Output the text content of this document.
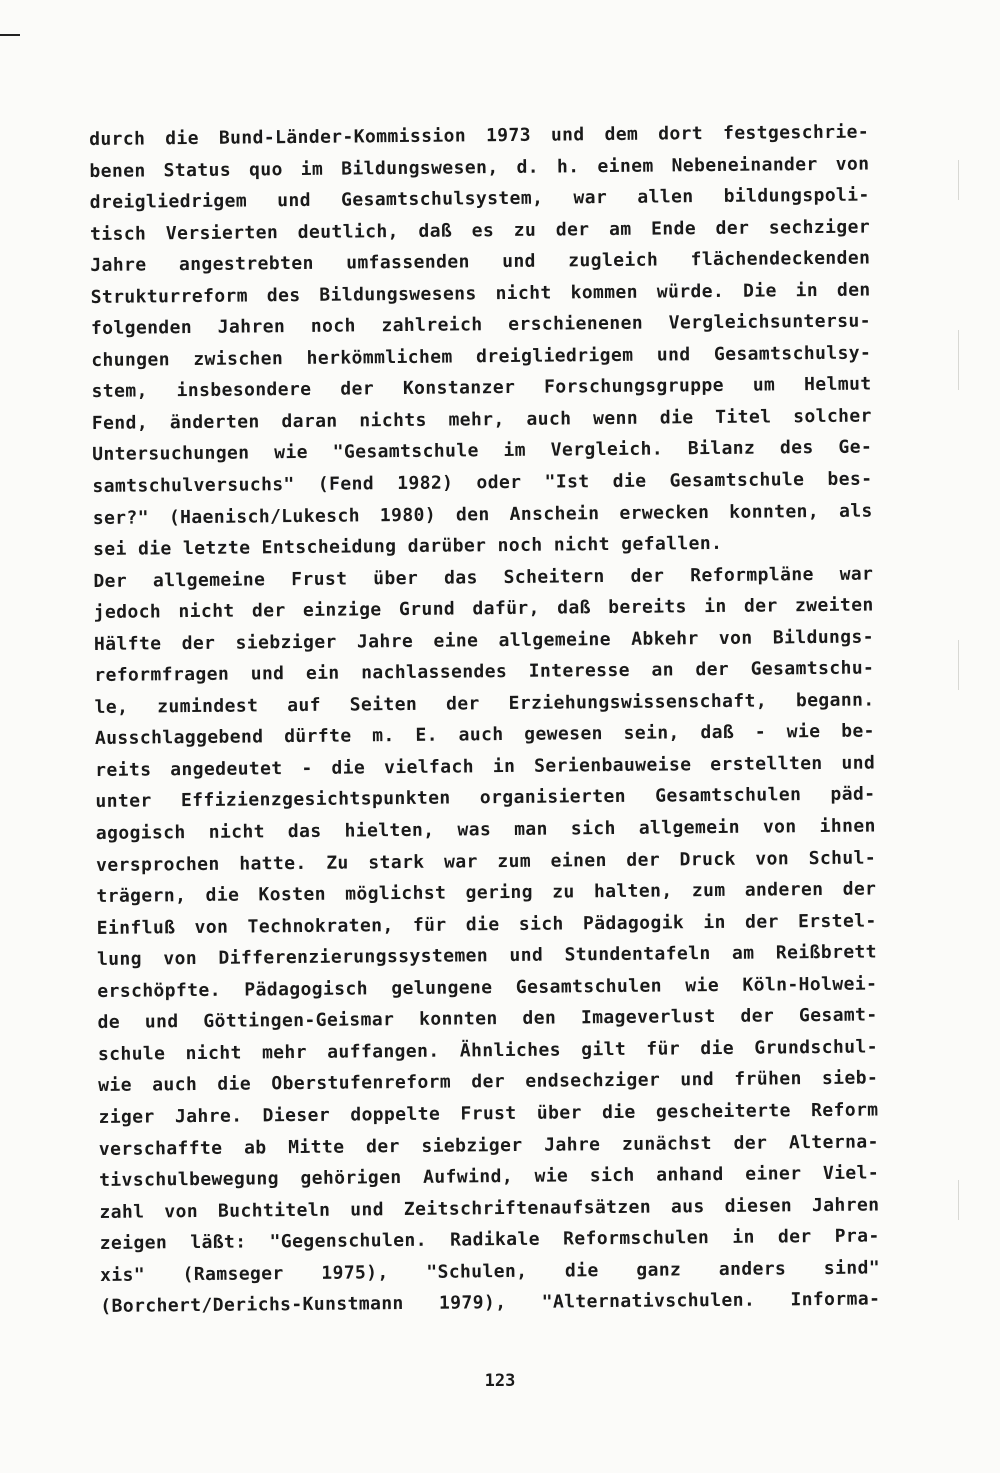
durch die Bund-Länder-Kommission 1973 und dem dort festgeschrie-
benen Status quo im Bildungswesen, d. h. einem Nebeneinander von
dreigliedrigem und Gesamtschulsystem, war allen bildungspoli-
tisch Versierten deutlich, daß es zu der am Ende der sechziger
Jahre angestrebten umfassenden und zugleich flächendeckenden
Strukturreform des Bildungswesens nicht kommen würde. Die in den
folgenden Jahren noch zahlreich erschienenen Vergleichsuntersu-
chungen zwischen herkömmlichem dreigliedrigem und Gesamtschulsy-
stem, insbesondere der Konstanzer Forschungsgruppe um Helmut
Fend, änderten daran nichts mehr, auch wenn die Titel solcher
Untersuchungen wie "Gesamtschule im Vergleich. Bilanz des Ge-
samtschulversuchs" (Fend 1982) oder "Ist die Gesamtschule bes-
ser?" (Haenisch/Lukesch 1980) den Anschein erwecken konnten, als
sei die letzte Entscheidung darüber noch nicht gefallen.
Der allgemeine Frust über das Scheitern der Reformpläne war
jedoch nicht der einzige Grund dafür, daß bereits in der zweiten
Hälfte der siebziger Jahre eine allgemeine Abkehr von Bildungs-
reformfragen und ein nachlassendes Interesse an der Gesamtschu-
le, zumindest auf Seiten der Erziehungswissenschaft, begann.
Ausschlaggebend dürfte m. E. auch gewesen sein, daß - wie be-
reits angedeutet - die vielfach in Serienbauweise erstellten und
unter Effizienzgesichtspunkten organisierten Gesamtschulen päd-
agogisch nicht das hielten, was man sich allgemein von ihnen
versprochen hatte. Zu stark war zum einen der Druck von Schul-
trägern, die Kosten möglichst gering zu halten, zum anderen der
Einfluß von Technokraten, für die sich Pädagogik in der Erstel-
lung von Differenzierungssystemen und Stundentafeln am Reißbrett
erschöpfte. Pädagogisch gelungene Gesamtschulen wie Köln-Holwei-
de und Göttingen-Geismar konnten den Imageverlust der Gesamt-
schule nicht mehr auffangen. Ähnliches gilt für die Grundschul-
wie auch die Oberstufenreform der endsechziger und frühen sieb-
ziger Jahre. Dieser doppelte Frust über die gescheiterte Reform
verschaffte ab Mitte der siebziger Jahre zunächst der Alterna-
tivschulbewegung gehörigen Aufwind, wie sich anhand einer Viel-
zahl von Buchtiteln und Zeitschriftenaufsätzen aus diesen Jahren
zeigen läßt: "Gegenschulen. Radikale Reformschulen in der Pra-
xis" (Ramseger 1975), "Schulen, die ganz anders sind"
(Borchert/Derichs-Kunstmann 1979), "Alternativschulen. Informa-
123
